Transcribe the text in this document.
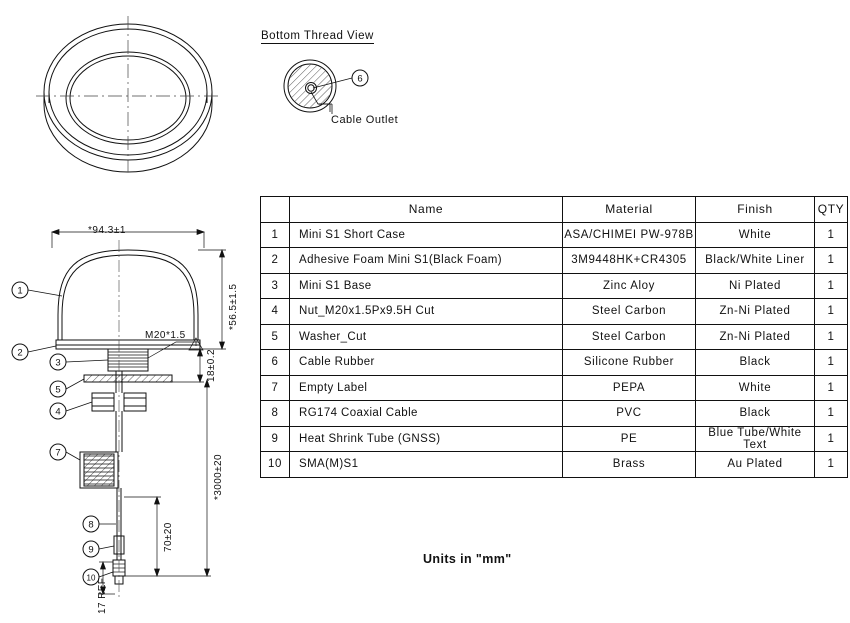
6
1
2
3
5
4
7
8
9
10
Bottom Thread View
Cable Outlet
M20*1.5
*94.3±1
*56.5±1.5
18±0.2
*3000±20
70±20
17 REF
	Name	Material	Finish	QTY
1	Mini S1 Short Case	ASA/CHIMEI PW-978B	White	1
2	Adhesive Foam Mini S1(Black Foam)	3M9448HK+CR4305	Black/White Liner	1
3	Mini S1 Base	Zinc Aloy	Ni Plated	1
4	Nut_M20x1.5Px9.5H Cut	Steel Carbon	Zn-Ni Plated	1
5	Washer_Cut	Steel Carbon	Zn-Ni Plated	1
6	Cable Rubber	Silicone Rubber	Black	1
7	Empty Label	PEPA	White	1
8	RG174 Coaxial Cable	PVC	Black	1
9	Heat Shrink Tube (GNSS)	PE	Blue Tube/White Text	1
10	SMA(M)S1	Brass	Au Plated	1
Units in "mm"
